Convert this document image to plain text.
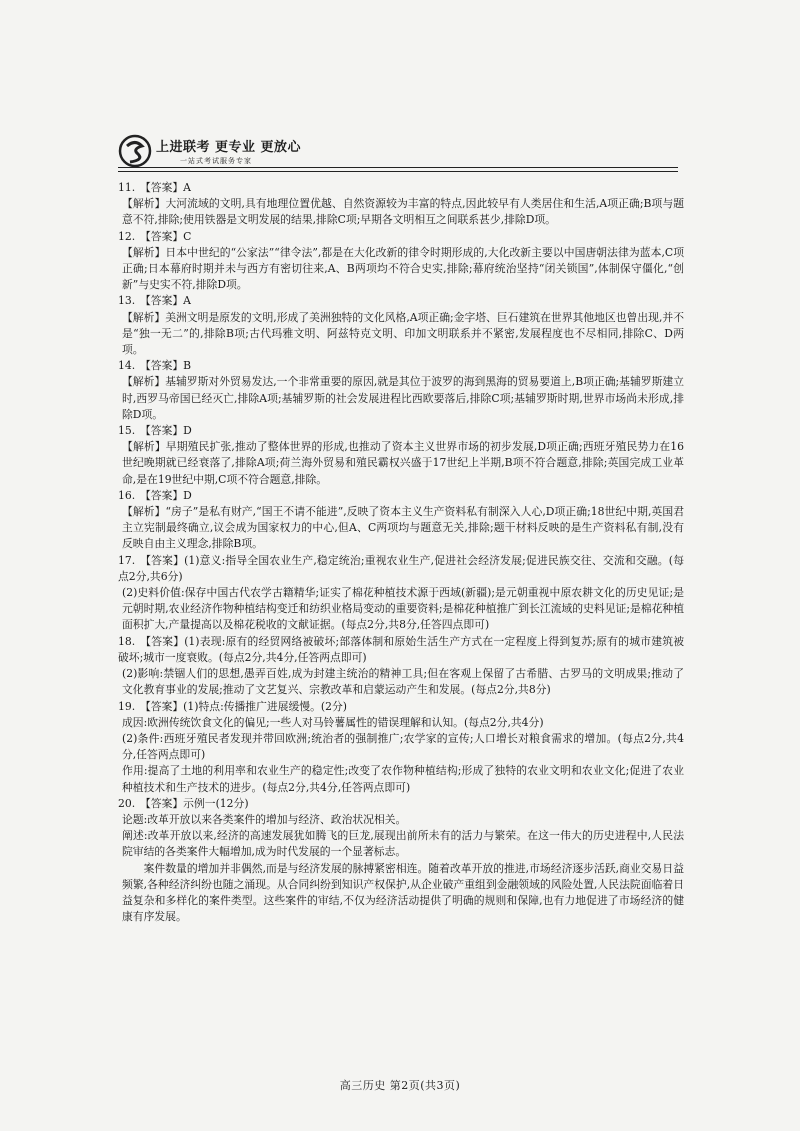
上进联考 更专业 更放心
一站式考试服务专家

11. 【答案】A

【解析】大河流域的文明,具有地理位置优越、自然资源较为丰富的特点,因此较早有人类居住和生活,A项正确;B项与题意不符,排除;使用铁器是文明发展的结果,排除C项;早期各文明相互之间联系甚少,排除D项。

12. 【答案】C

【解析】日本中世纪的“公家法”“律令法”,都是在大化改新的律令时期形成的,大化改新主要以中国唐朝法律为蓝本,C项正确;日本幕府时期并未与西方有密切往来,A、B两项均不符合史实,排除;幕府统治坚持“闭关锁国”,体制保守僵化,“创新”与史实不符,排除D项。

13. 【答案】A

【解析】美洲文明是原发的文明,形成了美洲独特的文化风格,A项正确;金字塔、巨石建筑在世界其他地区也曾出现,并不是“独一无二”的,排除B项;古代玛雅文明、阿兹特克文明、印加文明联系并不紧密,发展程度也不尽相同,排除C、D两项。

14. 【答案】B

【解析】基辅罗斯对外贸易发达,一个非常重要的原因,就是其位于波罗的海到黑海的贸易要道上,B项正确;基辅罗斯建立时,西罗马帝国已经灭亡,排除A项;基辅罗斯的社会发展进程比西欧要落后,排除C项;基辅罗斯时期,世界市场尚未形成,排除D项。

15. 【答案】D

【解析】早期殖民扩张,推动了整体世界的形成,也推动了资本主义世界市场的初步发展,D项正确;西班牙殖民势力在16世纪晚期就已经衰落了,排除A项;荷兰海外贸易和殖民霸权兴盛于17世纪上半期,B项不符合题意,排除;英国完成工业革命,是在19世纪中期,C项不符合题意,排除。

16. 【答案】D

【解析】“房子”是私有财产,“国王不请不能进”,反映了资本主义生产资料私有制深入人心,D项正确;18世纪中期,英国君主立宪制最终确立,议会成为国家权力的中心,但A、C两项均与题意无关,排除;题干材料反映的是生产资料私有制,没有反映自由主义理念,排除B项。

17. 【答案】(1)意义:指导全国农业生产,稳定统治;重视农业生产,促进社会经济发展;促进民族交往、交流和交融。(每点2分,共6分)

(2)史料价值:保存中国古代农学古籍精华;证实了棉花种植技术源于西域(新疆);是元朝重视中原农耕文化的历史见证;是元朝时期,农业经济作物种植结构变迁和纺织业格局变动的重要资料;是棉花种植推广到长江流域的史料见证;是棉花种植面积扩大,产量提高以及棉花税收的文献证据。(每点2分,共8分,任答四点即可)

18. 【答案】(1)表现:原有的经贸网络被破坏;部落体制和原始生活生产方式在一定程度上得到复苏;原有的城市建筑被破坏;城市一度衰败。(每点2分,共4分,任答两点即可)

(2)影响:禁锢人们的思想,愚弄百姓,成为封建主统治的精神工具;但在客观上保留了古希腊、古罗马的文明成果;推动了文化教育事业的发展;推动了文艺复兴、宗教改革和启蒙运动产生和发展。(每点2分,共8分)

19. 【答案】(1)特点:传播推广进展缓慢。(2分)

成因:欧洲传统饮食文化的偏见;一些人对马铃薯属性的错误理解和认知。(每点2分,共4分)

(2)条件:西班牙殖民者发现并带回欧洲;统治者的强制推广;农学家的宣传;人口增长对粮食需求的增加。(每点2分,共4分,任答两点即可)

作用:提高了土地的利用率和农业生产的稳定性;改变了农作物种植结构;形成了独特的农业文明和农业文化;促进了农业种植技术和生产技术的进步。(每点2分,共4分,任答两点即可)

20. 【答案】示例一(12分)

论题:改革开放以来各类案件的增加与经济、政治状况相关。

阐述:改革开放以来,经济的高速发展犹如腾飞的巨龙,展现出前所未有的活力与繁荣。在这一伟大的历史进程中,人民法院审结的各类案件大幅增加,成为时代发展的一个显著标志。

案件数量的增加并非偶然,而是与经济发展的脉搏紧密相连。随着改革开放的推进,市场经济逐步活跃,商业交易日益频繁,各种经济纠纷也随之涌现。从合同纠纷到知识产权保护,从企业破产重组到金融领域的风险处置,人民法院面临着日益复杂和多样化的案件类型。这些案件的审结,不仅为经济活动提供了明确的规则和保障,也有力地促进了市场经济的健康有序发展。

高三历史 第2页(共3页)
